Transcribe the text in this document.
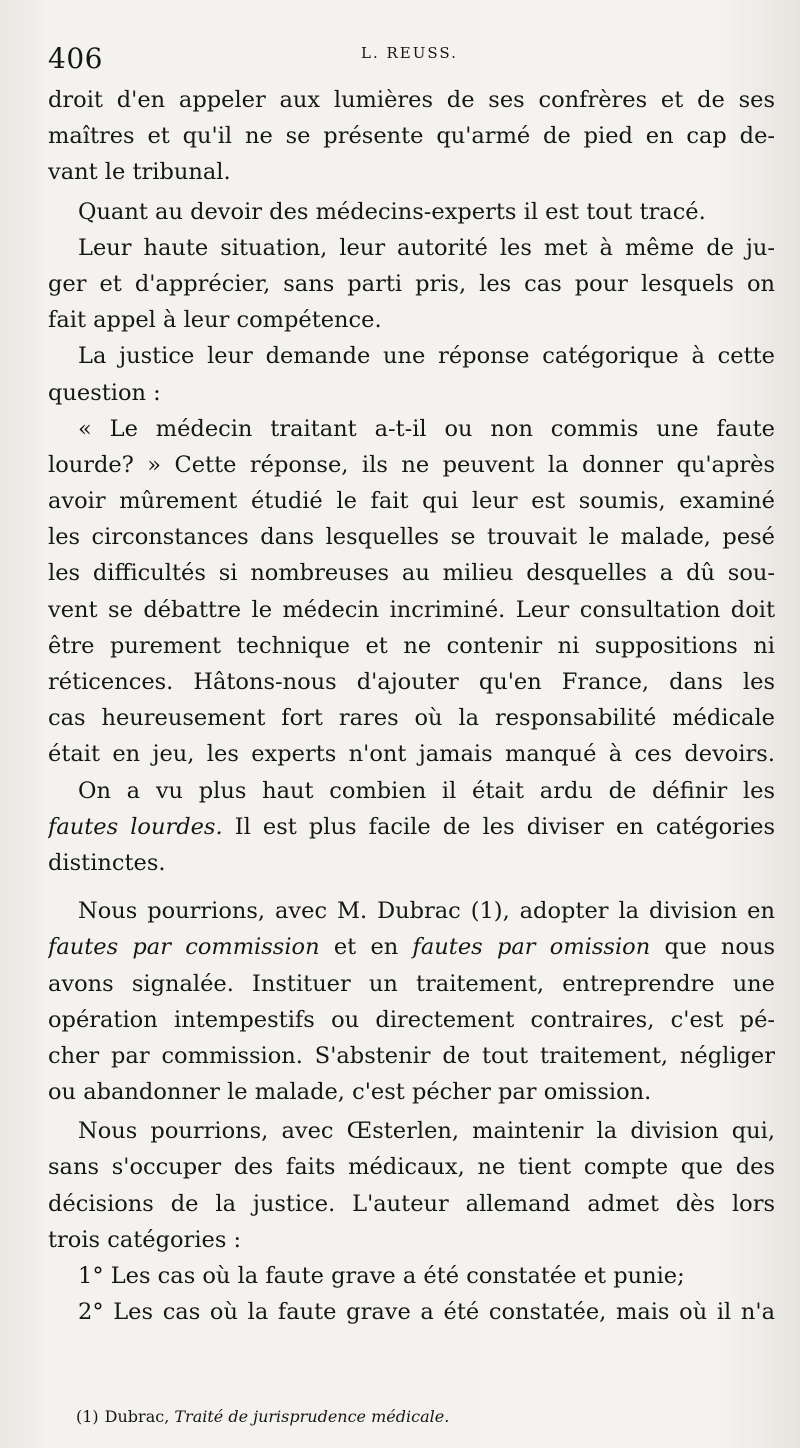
406	L. REUSS.
droit d'en appeler aux lumières de ses confrères et de ses
maîtres et qu'il ne se présente qu'armé de pied en cap de-
vant le tribunal.
Quant au devoir des médecins-experts il est tout tracé.
Leur haute situation, leur autorité les met à même de ju-
ger et d'apprécier, sans parti pris, les cas pour lesquels on
fait appel à leur compétence.
La justice leur demande une réponse catégorique à cette
question :
« Le médecin traitant a-t-il ou non commis une faute
lourde? » Cette réponse, ils ne peuvent la donner qu'après
avoir mûrement étudié le fait qui leur est soumis, examiné
les circonstances dans lesquelles se trouvait le malade, pesé
les difficultés si nombreuses au milieu desquelles a dû sou-
vent se débattre le médecin incriminé. Leur consultation doit
être purement technique et ne contenir ni suppositions ni
réticences. Hâtons-nous d'ajouter qu'en France, dans les
cas heureusement fort rares où la responsabilité médicale
était en jeu, les experts n'ont jamais manqué à ces devoirs.
On a vu plus haut combien il était ardu de définir les
fautes lourdes. Il est plus facile de les diviser en catégories
distinctes.
Nous pourrions, avec M. Dubrac (1), adopter la division en
fautes par commission et en fautes par omission que nous
avons signalée. Instituer un traitement, entreprendre une
opération intempestifs ou directement contraires, c'est pé-
cher par commission. S'abstenir de tout traitement, négliger
ou abandonner le malade, c'est pécher par omission.
Nous pourrions, avec Œsterlen, maintenir la division qui,
sans s'occuper des faits médicaux, ne tient compte que des
décisions de la justice. L'auteur allemand admet dès lors
trois catégories :
1° Les cas où la faute grave a été constatée et punie;
2° Les cas où la faute grave a été constatée, mais où il n'a
(1) Dubrac, Traité de jurisprudence médicale.
